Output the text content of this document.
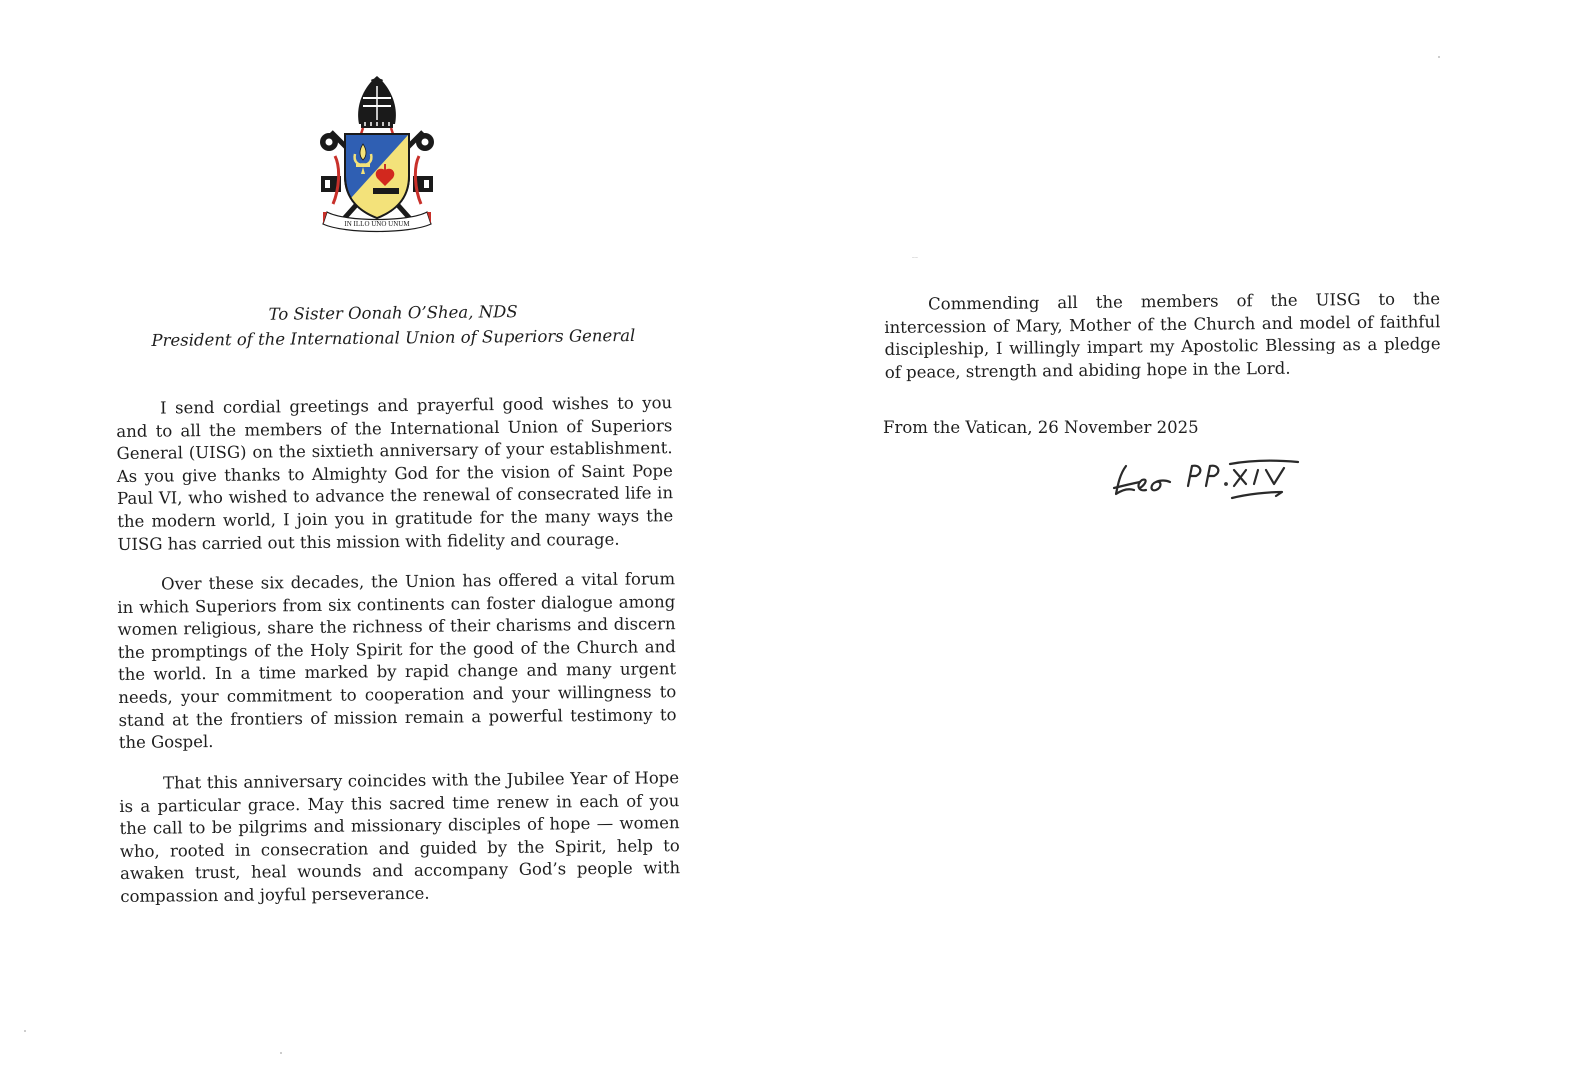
IN ILLO UNO UNUM
To Sister Oonah O’Shea, NDS
President of the International Union of Superiors General

I send cordial greetings and prayerful good wishes to you and to all the members of the International Union of Superiors General (UISG) on the sixtieth anniversary of your establishment. As you give thanks to Almighty God for the vision of Saint Pope Paul VI, who wished to advance the renewal of consecrated life in the modern world, I join you in gratitude for the many ways the UISG has carried out this mission with fidelity and courage.

Over these six decades, the Union has offered a vital forum in which Superiors from six continents can foster dialogue among women religious, share the richness of their charisms and discern the promptings of the Holy Spirit for the good of the Church and the world. In a time marked by rapid change and many urgent needs, your commitment to cooperation and your willingness to stand at the frontiers of mission remain a powerful testimony to the Gospel.

That this anniversary coincides with the Jubilee Year of Hope is a particular grace. May this sacred time renew in each of you the call to be pilgrims and missionary disciples of hope — women who, rooted in consecration and guided by the Spirit, help to awaken trust, heal wounds and accompany God’s people with compassion and joyful perseverance.

Commending all the members of the UISG to the intercession of Mary, Mother of the Church and model of faithful discipleship, I willingly impart my Apostolic Blessing as a pledge of peace, strength and abiding hope in the Lord.

From the Vatican, 26 November 2025
Leo PP. XIV
